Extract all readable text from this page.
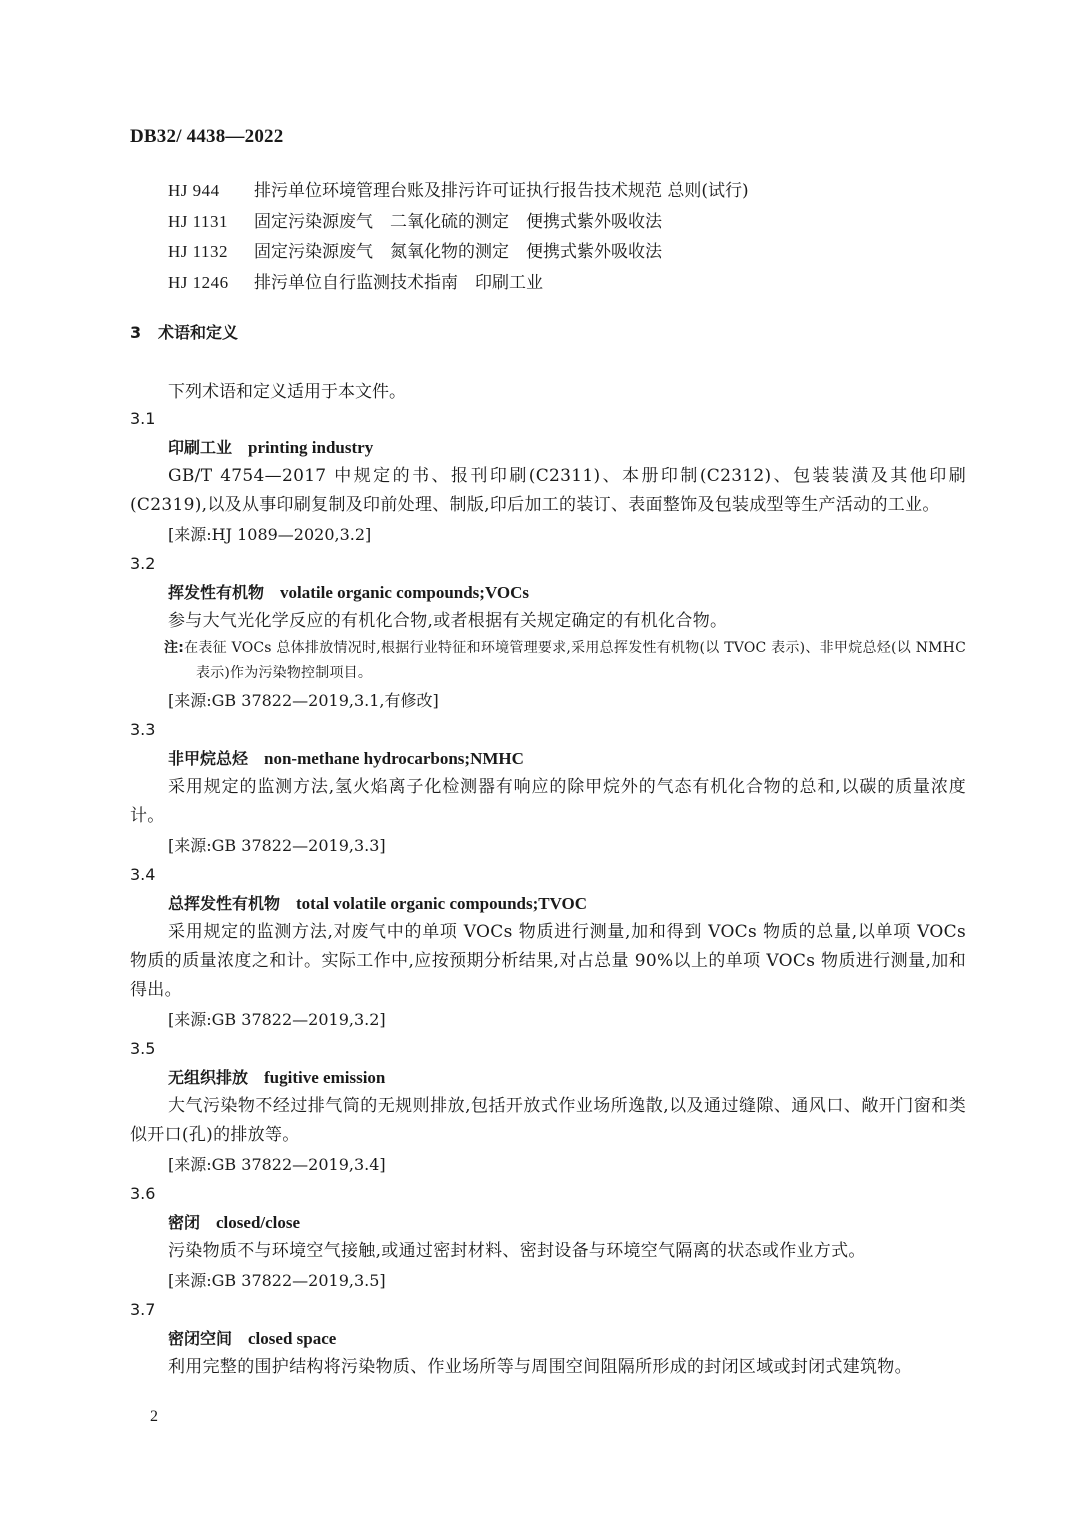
DB32/ 4438—2022
HJ 944 排污单位环境管理台账及排污许可证执行报告技术规范 总则(试行)
HJ 1131 固定污染源废气　二氧化硫的测定　便携式紫外吸收法
HJ 1132 固定污染源废气　氮氧化物的测定　便携式紫外吸收法
HJ 1246 排污单位自行监测技术指南　印刷工业
3 术语和定义
下列术语和定义适用于本文件。
3.1
印刷工业 printing industry

GB/T 4754—2017 中规定的书、报刊印刷(C2311)、本册印制(C2312)、包装装潢及其他印刷(C2319),以及从事印刷复制及印前处理、制版,印后加工的装订、表面整饰及包装成型等生产活动的工业。

[来源:HJ 1089—2020,3.2]
3.2
挥发性有机物 volatile organic compounds;VOCs

参与大气光化学反应的有机化合物,或者根据有关规定确定的有机化合物。

注:在表征 VOCs 总体排放情况时,根据行业特征和环境管理要求,采用总挥发性有机物(以 TVOC 表示)、非甲烷总烃(以 NMHC 表示)作为污染物控制项目。

[来源:GB 37822—2019,3.1,有修改]
3.3
非甲烷总烃 non-methane hydrocarbons;NMHC

采用规定的监测方法,氢火焰离子化检测器有响应的除甲烷外的气态有机化合物的总和,以碳的质量浓度计。

[来源:GB 37822—2019,3.3]
3.4
总挥发性有机物 total volatile organic compounds;TVOC

采用规定的监测方法,对废气中的单项 VOCs 物质进行测量,加和得到 VOCs 物质的总量,以单项 VOCs 物质的质量浓度之和计。实际工作中,应按预期分析结果,对占总量 90%以上的单项 VOCs 物质进行测量,加和得出。

[来源:GB 37822—2019,3.2]
3.5
无组织排放 fugitive emission

大气污染物不经过排气筒的无规则排放,包括开放式作业场所逸散,以及通过缝隙、通风口、敞开门窗和类似开口(孔)的排放等。

[来源:GB 37822—2019,3.4]
3.6
密闭 closed/close

污染物质不与环境空气接触,或通过密封材料、密封设备与环境空气隔离的状态或作业方式。

[来源:GB 37822—2019,3.5]
3.7
密闭空间 closed space

利用完整的围护结构将污染物质、作业场所等与周围空间阻隔所形成的封闭区域或封闭式建筑物。

2
